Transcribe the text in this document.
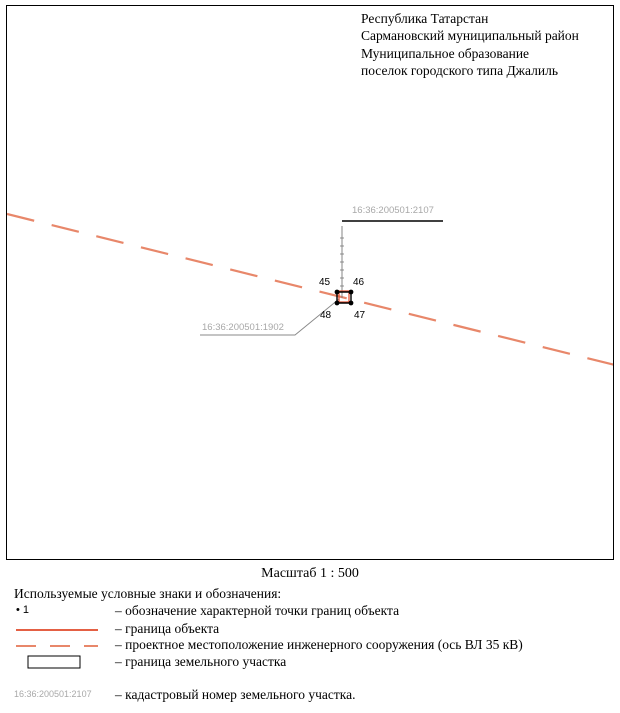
16:36:200501:2107
16:36:200501:1902
45 46
47
48
Республика Татарстан
Сармановский муниципальный район
Муниципальное образование
поселок городского типа Джалиль
Масштаб 1 : 500
Используемые условные знаки и обозначения:
• 1	– обозначение характерной точки границ объекта
– граница объекта
– проектное местоположение инженерного сооружения (ось ВЛ 35 кВ)
– граница земельного участка
16:36:200501:2107 – кадастровый номер земельного участка.
